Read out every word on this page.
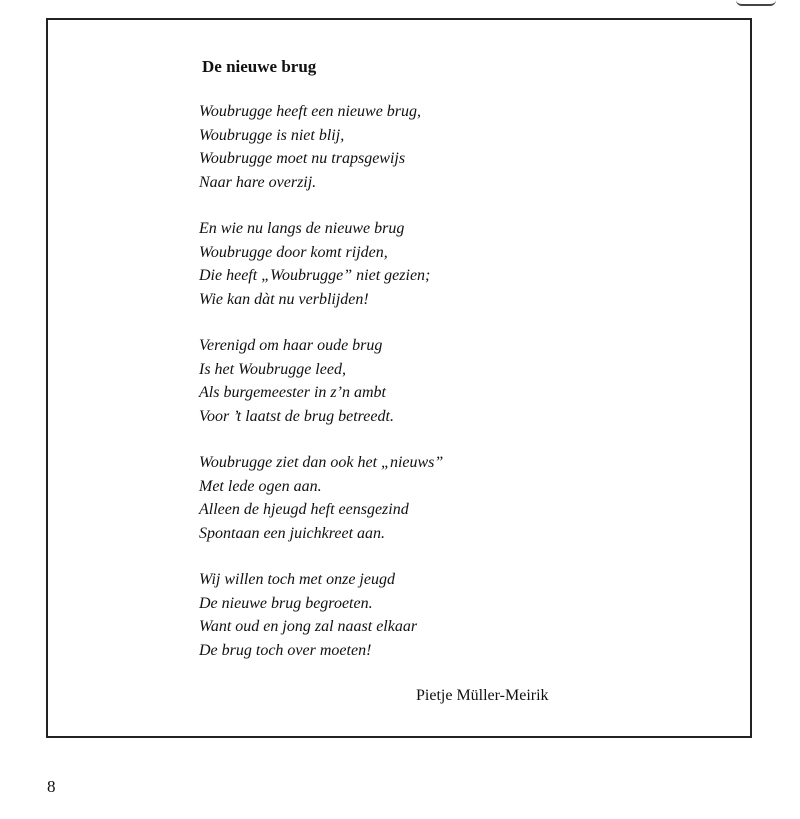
De nieuwe brug
Woubrugge heeft een nieuwe brug,
Woubrugge is niet blij,
Woubrugge moet nu trapsgewijs
Naar hare overzij.
En wie nu langs de nieuwe brug
Woubrugge door komt rijden,
Die heeft „Woubrugge” niet gezien;
Wie kan dàt nu verblijden!
Verenigd om haar oude brug
Is het Woubrugge leed,
Als burgemeester in z’n ambt
Voor ’t laatst de brug betreedt.
Woubrugge ziet dan ook het „nieuws”
Met lede ogen aan.
Alleen de hjeugd heft eensgezind
Spontaan een juichkreet aan.
Wij willen toch met onze jeugd
De nieuwe brug begroeten.
Want oud en jong zal naast elkaar
De brug toch over moeten!

Pietje Müller-Meirik

8
